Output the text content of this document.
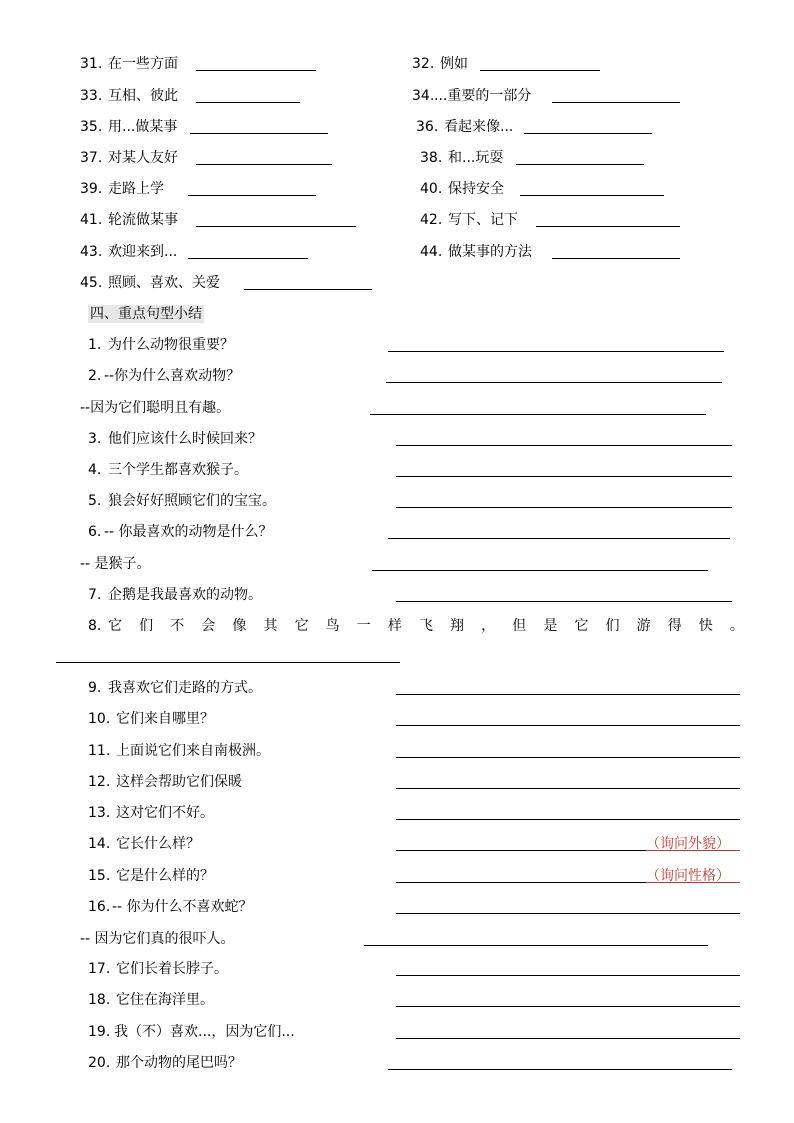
31. 在一些方面	32. 例如
33. 互相、彼此	34. ...重要的一部分
35. 用...做某事	36. 看起来像...
37. 对某人友好	38. 和...玩耍
39. 走路上学	40. 保持安全
41. 轮流做某事	42. 写下、记下
43. 欢迎来到...	44. 做某事的方法
45. 照顾、喜欢、关爱
四、重点句型小结
1. 为什么动物很重要？
2. --你为什么喜欢动物？
--因为它们聪明且有趣。
3. 他们应该什么时候回来？
4. 三个学生都喜欢猴子。
5. 狼会好好照顾它们的宝宝。
6. -- 你最喜欢的动物是什么？
-- 是猴子。
7. 企鹅是我最喜欢的动物。
8. 它 们 不 会 像 其 它 鸟 一 样 飞 翔 ， 但 是 它 们 游 得 快 。
9. 我喜欢它们走路的方式。
10. 它们来自哪里？
11. 上面说它们来自南极洲。
12. 这样会帮助它们保暖
13. 这对它们不好。
14. 它长什么样？	（询问外貌）
15. 它是什么样的？	（询问性格）
16. -- 你为什么不喜欢蛇？
-- 因为它们真的很吓人。
17. 它们长着长脖子。
18. 它住在海洋里。
19. 我（不）喜欢...，因为它们...
20. 那个动物的尾巴吗？
